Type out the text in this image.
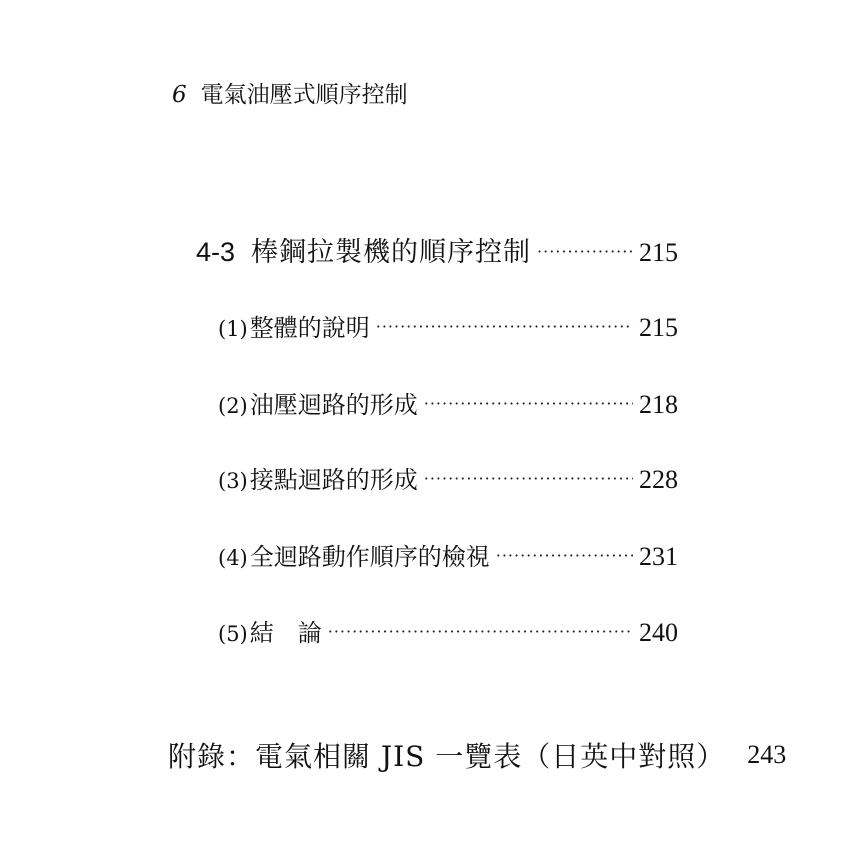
6 電氣油壓式順序控制
4-3 棒鋼拉製機的順序控制 ·····	215
(1) 整體的說明 ·····	215
(2) 油壓迴路的形成 ·····	218
(3) 接點迴路的形成 ·····	228
(4) 全迴路動作順序的檢視 ·····	231
(5) 結　論 ·····	240
附錄：電氣相關 JIS 一覽表（日英中對照） 243
